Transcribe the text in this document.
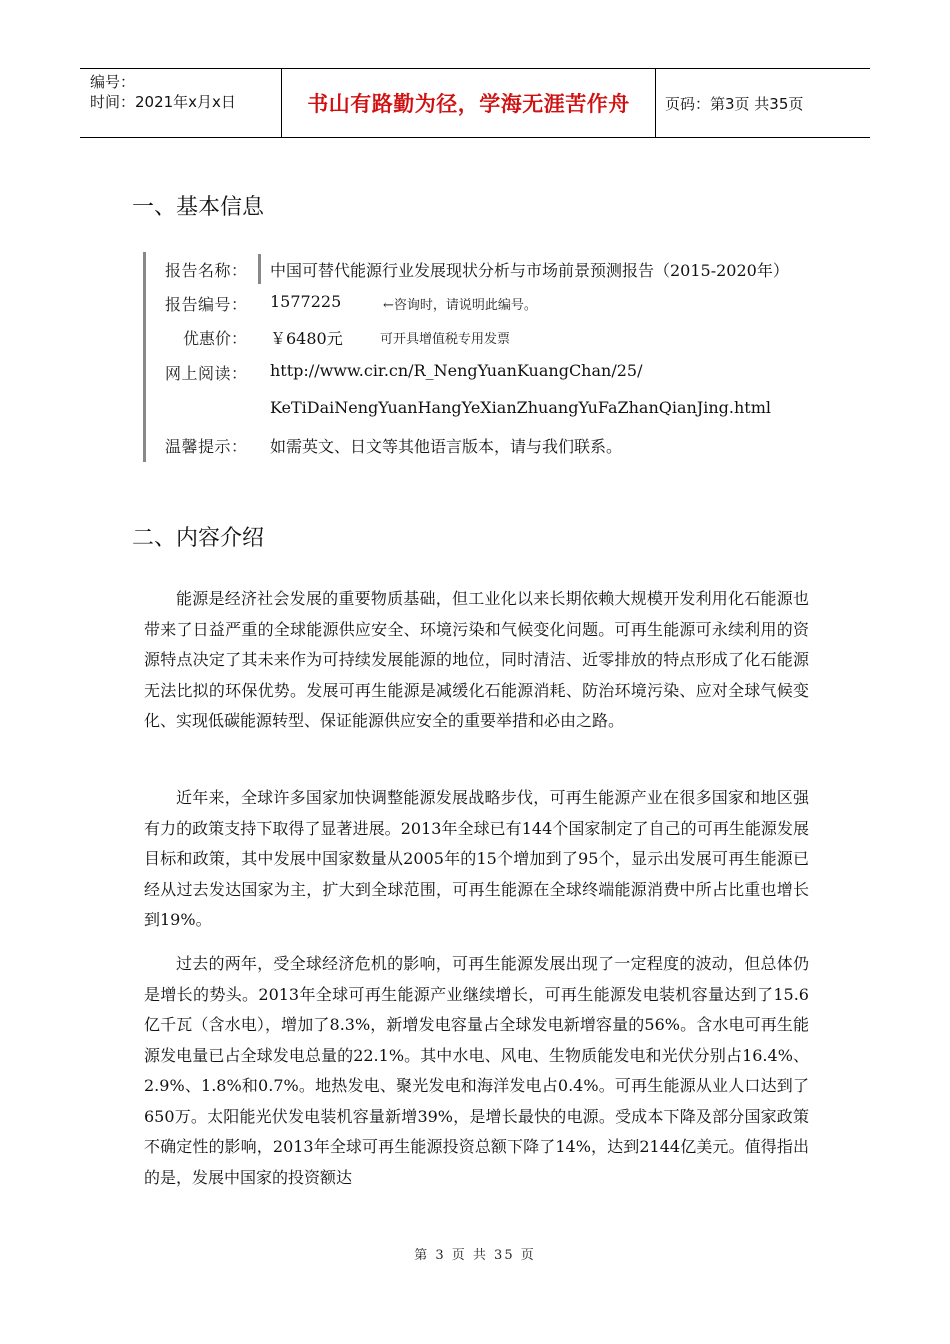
编号：
时间：2021年x月x日	书山有路勤为径，学海无涯苦作舟	页码：第3页 共35页
一、基本信息
报告名称： 中国可替代能源行业发展现状分析与市场前景预测报告（2015-2020年）
报告编号： 1577225	←咨询时，请说明此编号。
优惠价： ￥6480元	可开具增值税专用发票
网上阅读： http://www.cir.cn/R_NengYuanKuangChan/25/
KeTiDaiNengYuanHangYeXianZhuangYuFaZhanQianJing.html
温馨提示： 如需英文、日文等其他语言版本，请与我们联系。
二、内容介绍

能源是经济社会发展的重要物质基础，但工业化以来长期依赖大规模开发利用化石能源也带来了日益严重的全球能源供应安全、环境污染和气候变化问题。可再生能源可永续利用的资源特点决定了其未来作为可持续发展能源的地位，同时清洁、近零排放的特点形成了化石能源无法比拟的环保优势。发展可再生能源是减缓化石能源消耗、防治环境污染、应对全球气候变化、实现低碳能源转型、保证能源供应安全的重要举措和必由之路。

近年来，全球许多国家加快调整能源发展战略步伐，可再生能源产业在很多国家和地区强有力的政策支持下取得了显著进展。2013年全球已有144个国家制定了自己的可再生能源发展目标和政策，其中发展中国家数量从2005年的15个增加到了95个，显示出发展可再生能源已经从过去发达国家为主，扩大到全球范围，可再生能源在全球终端能源消费中所占比重也增长到19%。

过去的两年，受全球经济危机的影响，可再生能源发展出现了一定程度的波动，但总体仍是增长的势头。2013年全球可再生能源产业继续增长，可再生能源发电装机容量达到了15.6亿千瓦（含水电），增加了8.3%，新增发电容量占全球发电新增容量的56%。含水电可再生能源发电量已占全球发电总量的22.1%。其中水电、风电、生物质能发电和光伏分别占16.4%、2.9%、1.8%和0.7%。地热发电、聚光发电和海洋发电占0.4%。可再生能源从业人口达到了650万。太阳能光伏发电装机容量新增39%，是增长最快的电源。受成本下降及部分国家政策不确定性的影响，2013年全球可再生能源投资总额下降了14%，达到2144亿美元。值得指出的是，发展中国家的投资额达

第 3 页 共 35 页
